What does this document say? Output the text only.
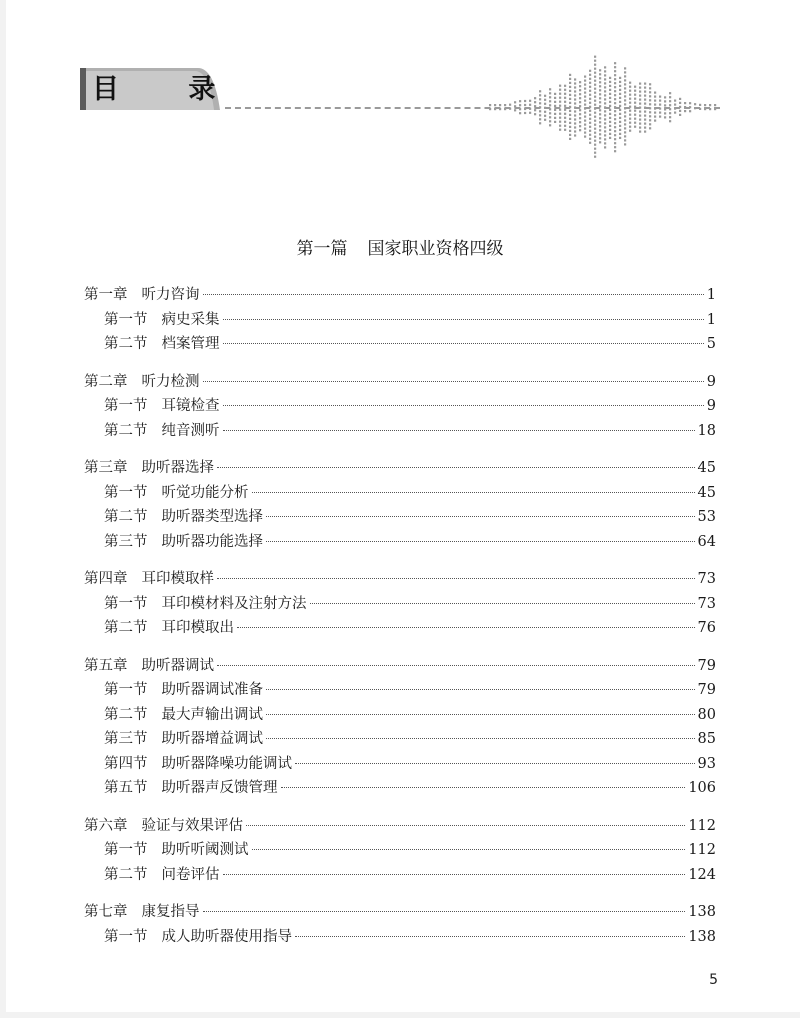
目 录
第一篇 国家职业资格四级
第一章 听力咨询	1
第一节 病史采集	1
第二节 档案管理	5
第二章 听力检测	9
第一节 耳镜检查	9
第二节 纯音测听	18
第三章 助听器选择	45
第一节 听觉功能分析	45
第二节 助听器类型选择	53
第三节 助听器功能选择	64
第四章 耳印模取样	73
第一节 耳印模材料及注射方法	73
第二节 耳印模取出	76
第五章 助听器调试	79
第一节 助听器调试准备	79
第二节 最大声输出调试	80
第三节 助听器增益调试	85
第四节 助听器降噪功能调试	93
第五节 助听器声反馈管理	106
第六章 验证与效果评估	112
第一节 助听听阈测试	112
第二节 问卷评估	124
第七章 康复指导	138
第一节 成人助听器使用指导	138
5
